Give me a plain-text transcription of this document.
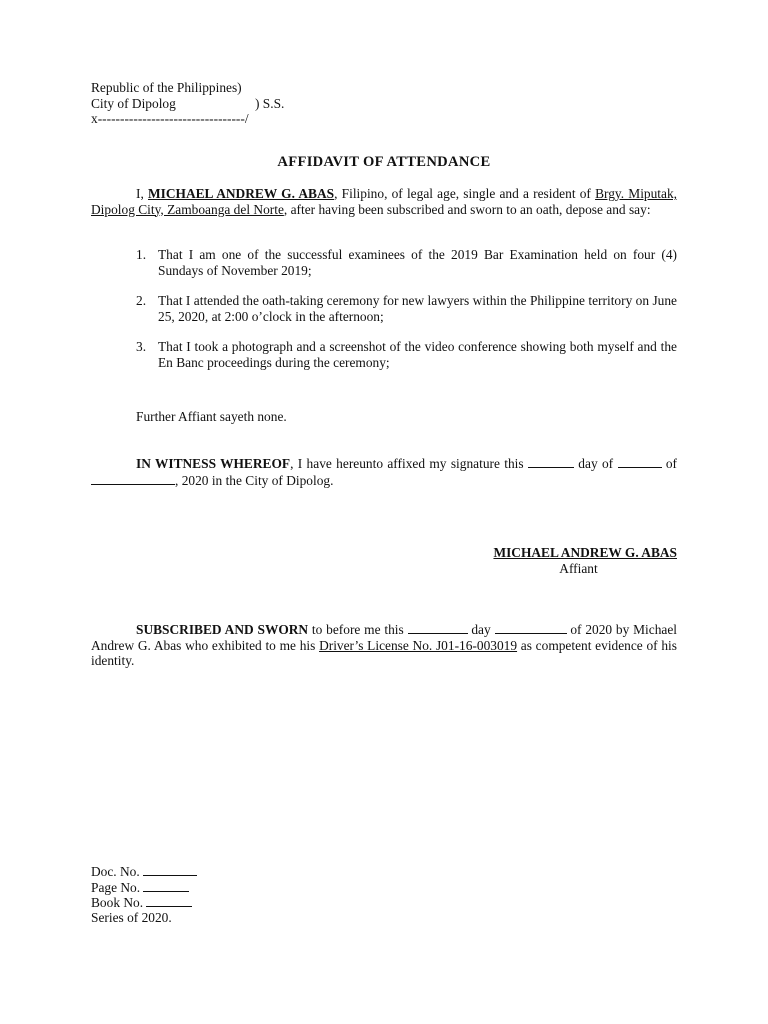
Republic of the Philippines)
City of Dipolog	) S.S.
x---------------------------------/
AFFIDAVIT OF ATTENDANCE
I, MICHAEL ANDREW G. ABAS, Filipino, of legal age, single and a resident of Brgy. Miputak, Dipolog City, Zamboanga del Norte, after having been subscribed and sworn to an oath, depose and say:
1. That I am one of the successful examinees of the 2019 Bar Examination held on four (4) Sundays of November 2019;
2. That I attended the oath-taking ceremony for new lawyers within the Philippine territory on June 25, 2020, at 2:00 o’clock in the afternoon;
3. That I took a photograph and a screenshot of the video conference showing both myself and the En Banc proceedings during the ceremony;
Further Affiant sayeth none.
IN WITNESS WHEREOF, I have hereunto affixed my signature this	day of	of , 2020 in the City of Dipolog.
MICHAEL ANDREW G. ABAS
Affiant
SUBSCRIBED AND SWORN to before me this	day	of 2020 by Michael Andrew G. Abas who exhibited to me his Driver’s License No. J01-16-003019 as competent evidence of his identity.
Doc. No.
Page No.
Book No.
Series of 2020.
